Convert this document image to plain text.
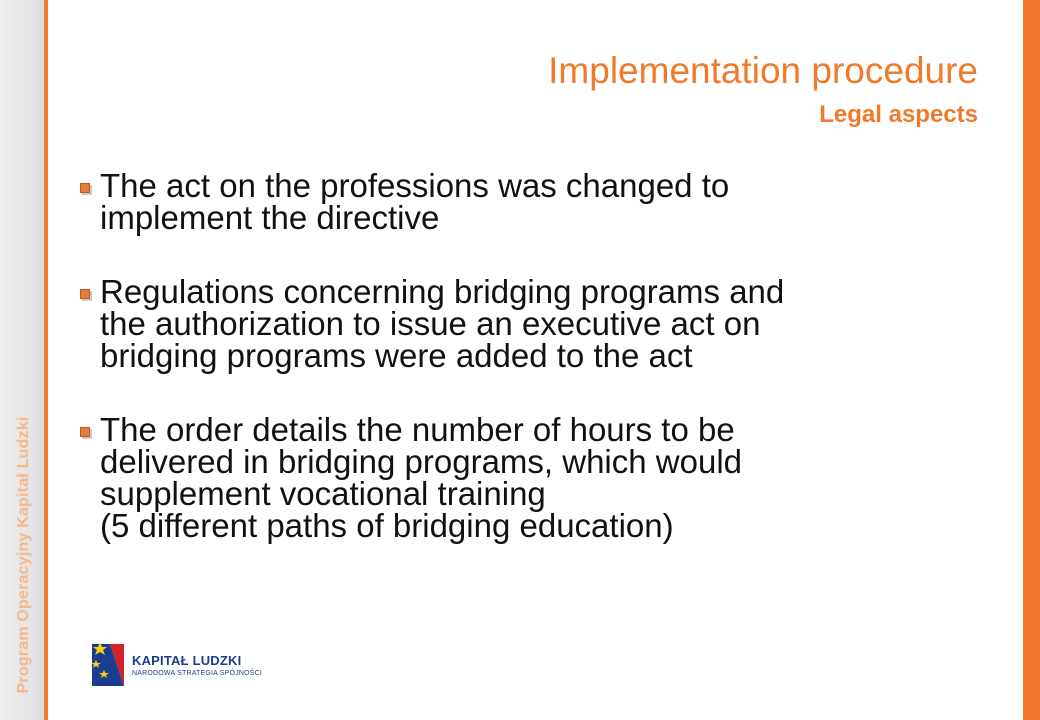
Program Operacyjny Kapitał Ludzki
Implementation procedure
Legal aspects
The act on the professions was changed to
implement the directive
Regulations concerning bridging programs and
the authorization to issue an executive act on
bridging programs were added to the act
The order details the number of hours to be
delivered in bridging programs, which would
supplement vocational training
(5 different paths of bridging education)
KAPITAŁ LUDZKI
NARODOWA STRATEGIA SPÓJNOŚCI
